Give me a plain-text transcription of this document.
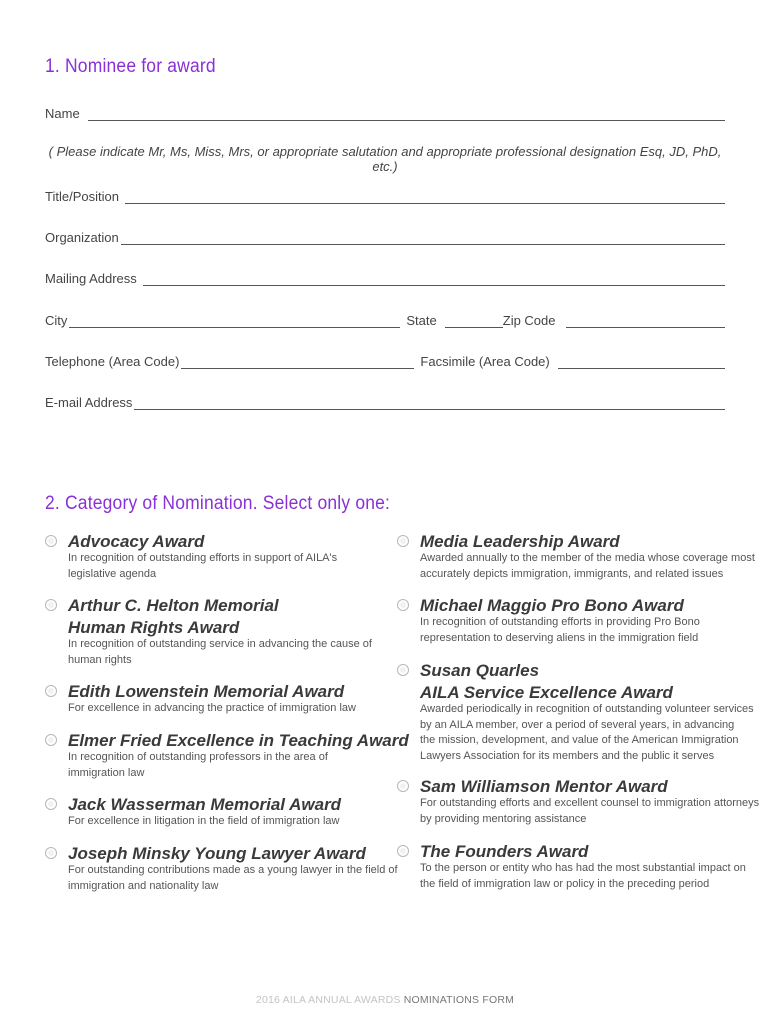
1. Nominee for award
Name
( Please indicate Mr, Ms, Miss, Mrs, or appropriate salutation and appropriate professional designation Esq, JD, PhD, etc.)
Title/Position
Organization
Mailing Address
City	State	Zip Code
Telephone (Area Code)	Facsimile (Area Code)
E-mail Address
2. Category of Nomination. Select only one:
Advocacy Award
In recognition of outstanding efforts in support of AILA's
legislative agenda
Arthur C. Helton Memorial
Human Rights Award
In recognition of outstanding service in advancing the cause of
human rights
Edith Lowenstein Memorial Award
For excellence in advancing the practice of immigration law
Elmer Fried Excellence in Teaching Award
In recognition of outstanding professors in the area of
immigration law
Jack Wasserman Memorial Award
For excellence in litigation in the field of immigration law
Joseph Minsky Young Lawyer Award
For outstanding contributions made as a young lawyer in the field of
immigration and nationality law
Media Leadership Award
Awarded annually to the member of the media whose coverage most
accurately depicts immigration, immigrants, and related issues
Michael Maggio Pro Bono Award
In recognition of outstanding efforts in providing Pro Bono
representation to deserving aliens in the immigration field
Susan Quarles
AILA Service Excellence Award
Awarded periodically in recognition of outstanding volunteer services
by an AILA member, over a period of several years, in advancing
the mission, development, and value of the American Immigration
Lawyers Association for its members and the public it serves
Sam Williamson Mentor Award
For outstanding efforts and excellent counsel to immigration attorneys
by providing mentoring assistance
The Founders Award
To the person or entity who has had the most substantial impact on
the field of immigration law or policy in the preceding period
2016 AILA ANNUAL AWARDS NOMINATIONS FORM
